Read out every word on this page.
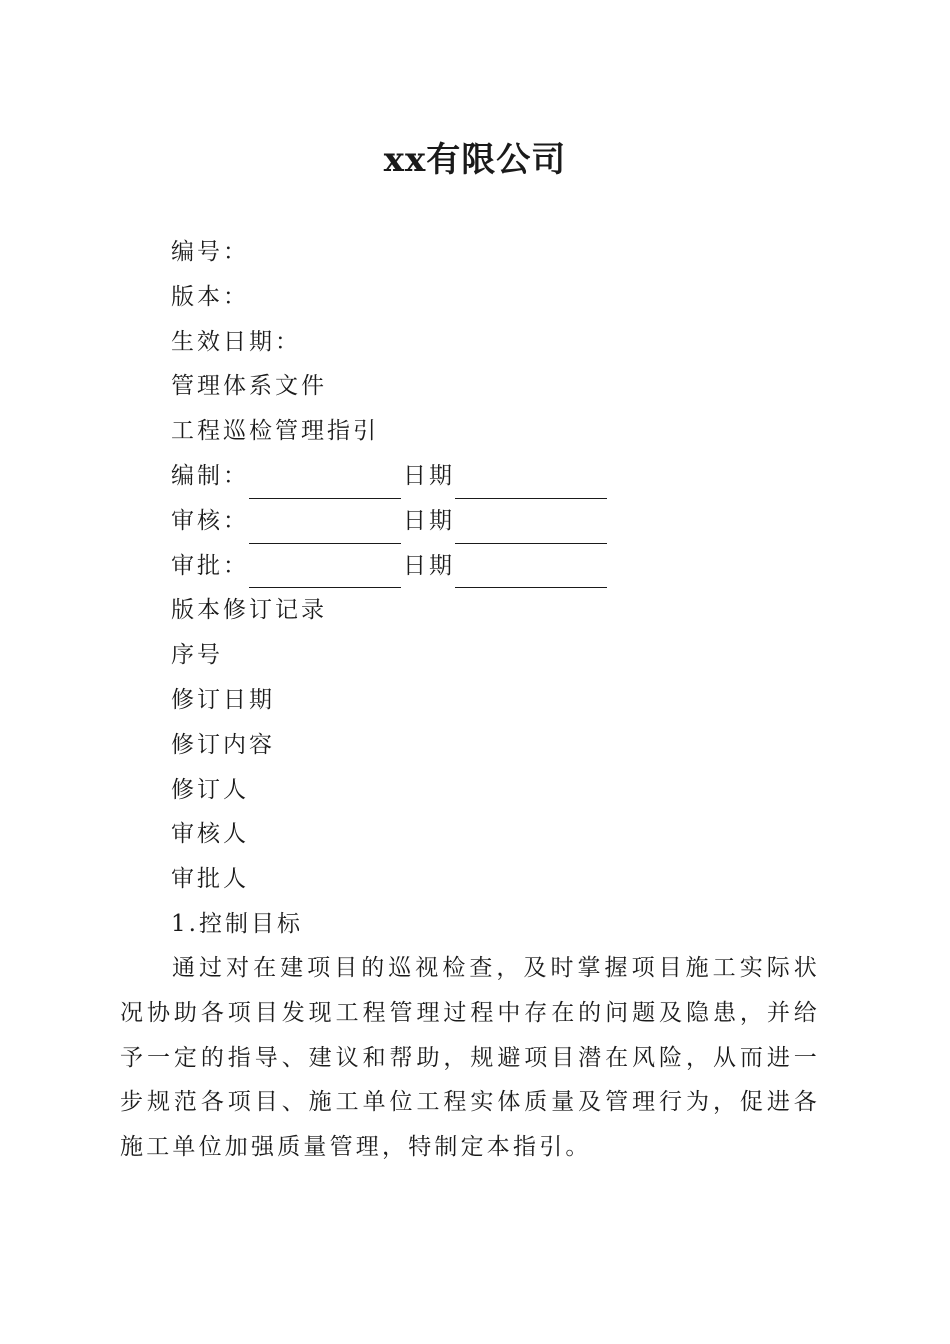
xx有限公司
编号：
版本：
生效日期：
管理体系文件
工程巡检管理指引
编制：	日期
审核：	日期
审批：	日期
版本修订记录
序号
修订日期
修订内容
修订人
审核人
审批人
1.控制目标
通过对在建项目的巡视检查，及时掌握项目施工实际状况协助各项目发现工程管理过程中存在的问题及隐患，并给予一定的指导、建议和帮助，规避项目潜在风险，从而进一步规范各项目、施工单位工程实体质量及管理行为，促进各施工单位加强质量管理，特制定本指引。
